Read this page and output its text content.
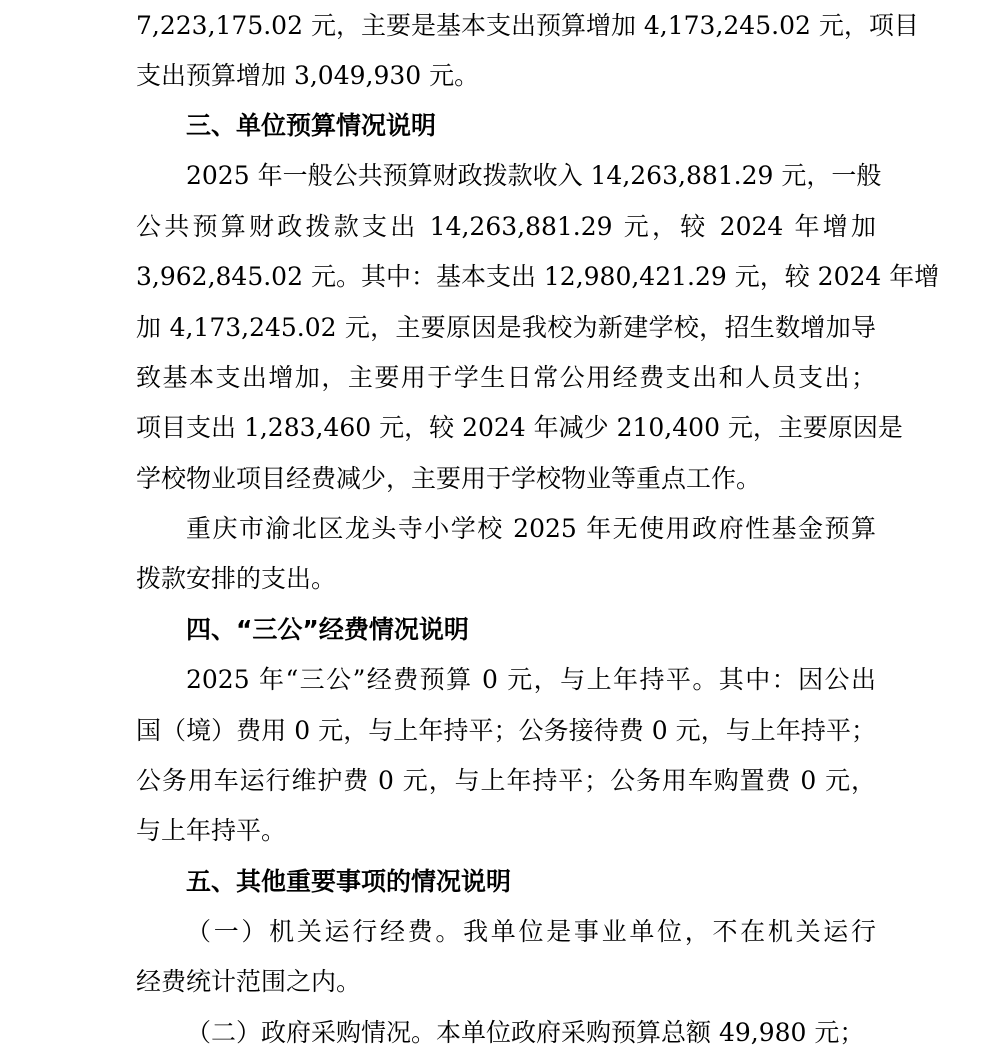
7,223,175.02 元，主要是基本支出预算增加 4,173,245.02 元，项目
支出预算增加 3,049,930 元。
三、单位预算情况说明
2025 年一般公共预算财政拨款收入 14,263,881.29 元，一般
公共预算财政拨款支出 14,263,881.29 元，较 2024 年增加
3,962,845.02 元。其中：基本支出 12,980,421.29 元，较 2024 年增
加 4,173,245.02 元，主要原因是我校为新建学校，招生数增加导
致基本支出增加，主要用于学生日常公用经费支出和人员支出；
项目支出 1,283,460 元，较 2024 年减少 210,400 元，主要原因是
学校物业项目经费减少，主要用于学校物业等重点工作。
重庆市渝北区龙头寺小学校 2025 年无使用政府性基金预算
拨款安排的支出。
四、“三公”经费情况说明
2025 年“三公”经费预算 0 元，与上年持平。其中：因公出
国（境）费用 0 元，与上年持平；公务接待费 0 元，与上年持平；
公务用车运行维护费 0 元，与上年持平；公务用车购置费 0 元，
与上年持平。
五、其他重要事项的情况说明
（一）机关运行经费。我单位是事业单位，不在机关运行
经费统计范围之内。
（二）政府采购情况。本单位政府采购预算总额 49,980 元；
